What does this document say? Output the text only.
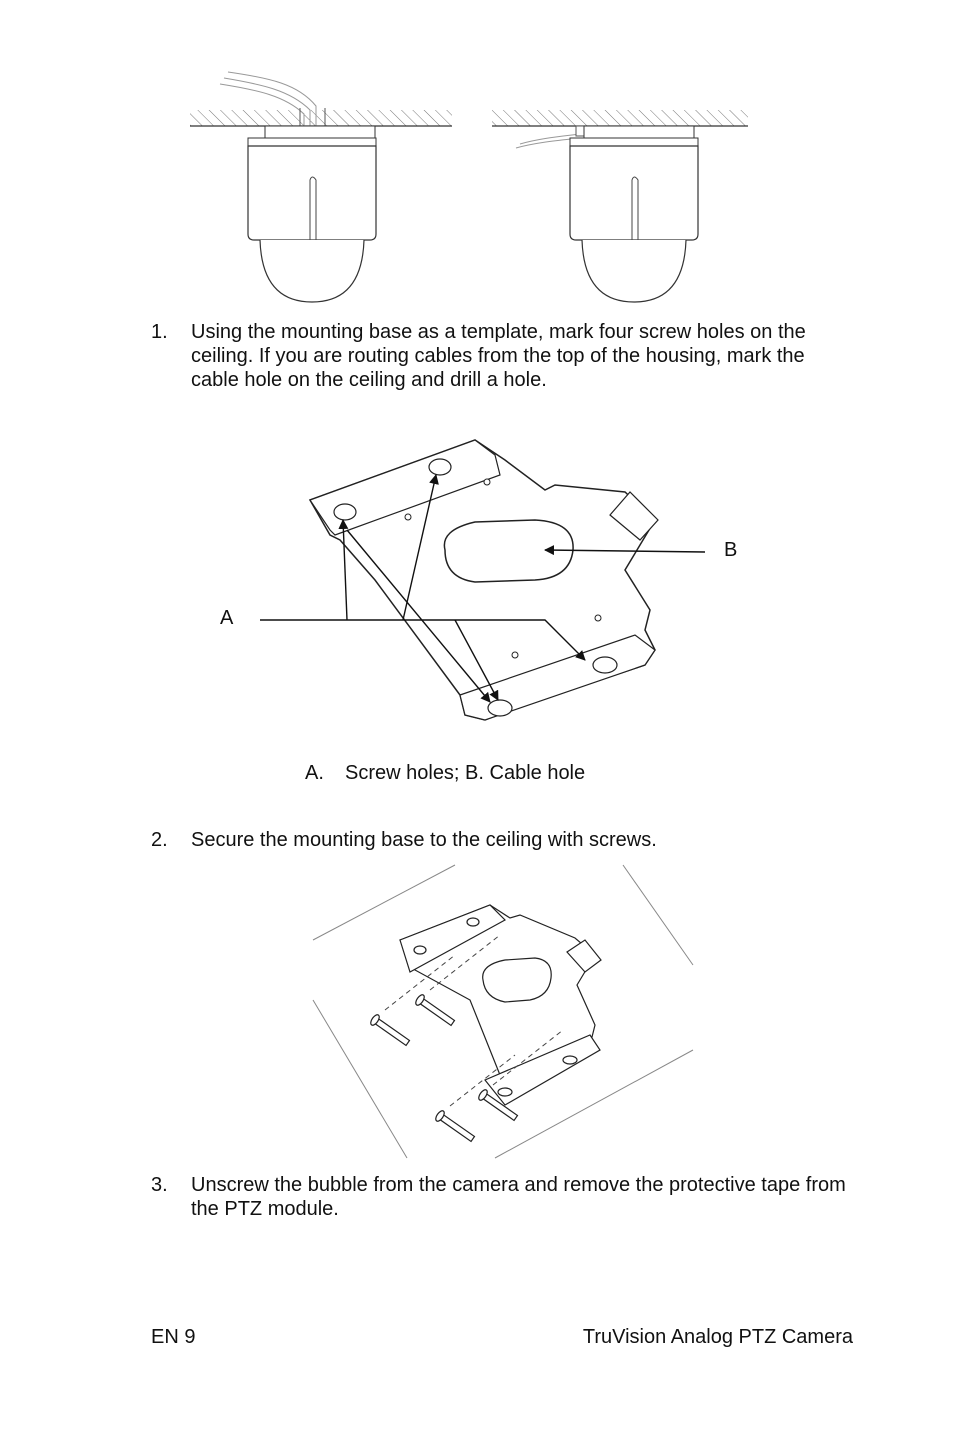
1. Using the mounting base as a template, mark four screw holes on the ceiling. If you are routing cables from the top of the housing, mark the cable hole on the ceiling and drill a hole.
A
B
A. Screw holes; B. Cable hole
2. Secure the mounting base to the ceiling with screws.
3. Unscrew the bubble from the camera and remove the protective tape from the PTZ module.
EN 9	TruVision Analog PTZ Camera
